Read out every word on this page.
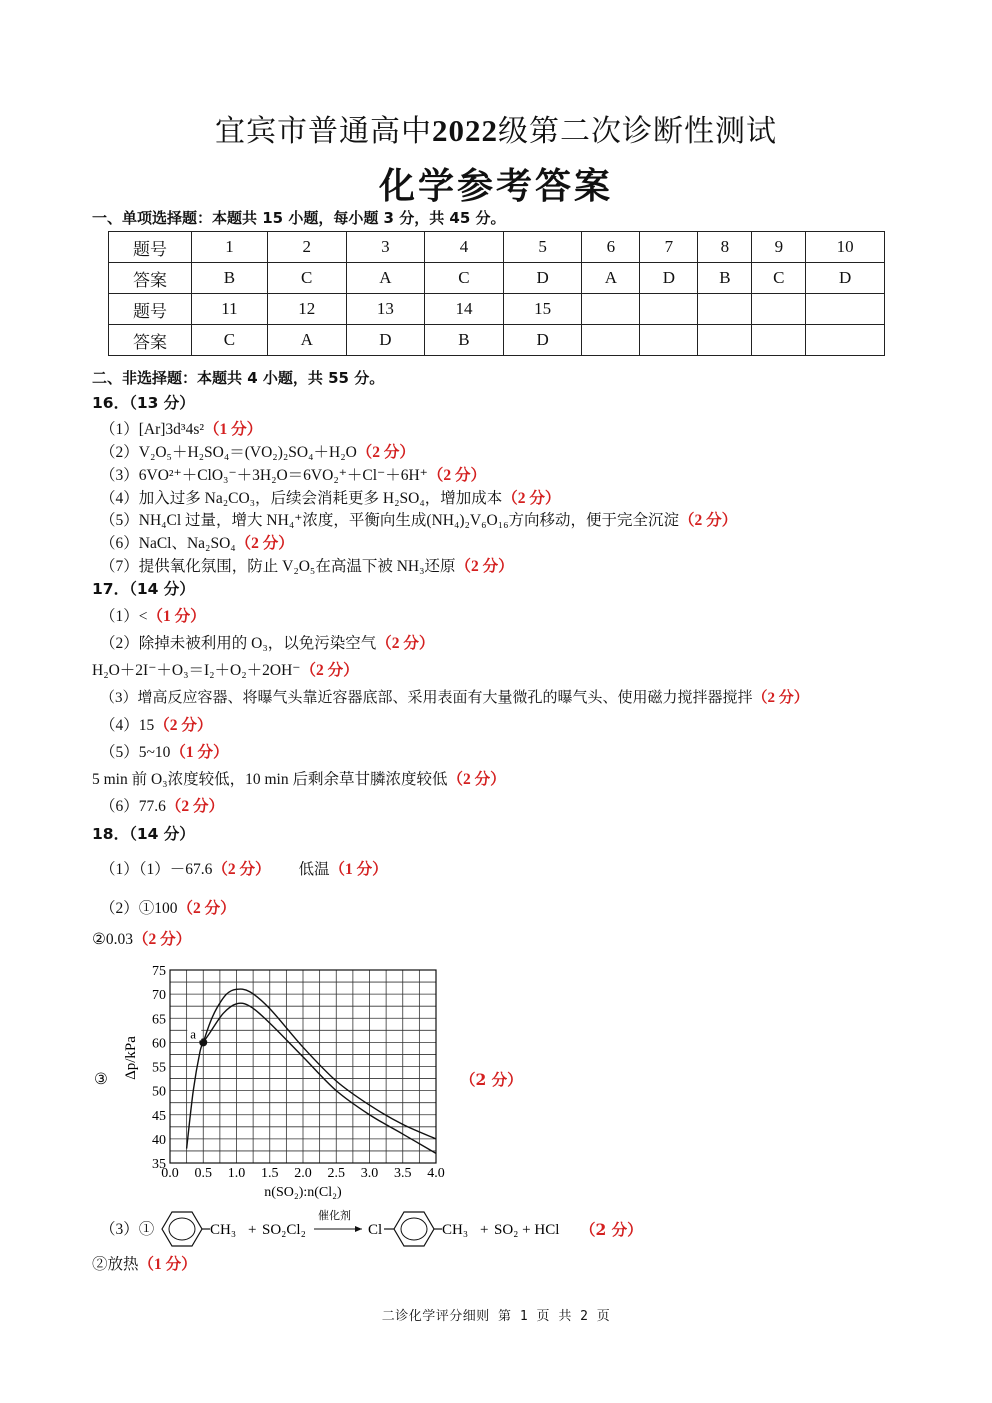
宜宾市普通高中2022级第二次诊断性测试
化学参考答案
一、单项选择题：本题共 15 小题，每小题 3 分，共 45 分。
题号	1	2	3	4	5	6	7	8	9	10
答案	B	C	A	C	D	A	D	B	C	D
题号	11	12	13	14	15					
答案	C	A	D	B	D					
二、非选择题：本题共 4 小题，共 55 分。
16．（13 分）
（1）[Ar]3d³4s²（1 分）
（2）V₂O₅＋H₂SO₄＝(VO₂)₂SO₄＋H₂O（2 分）
（3）6VO²⁺＋ClO₃⁻＋3H₂O＝6VO₂⁺＋Cl⁻＋6H⁺（2 分）
（4）加入过多 Na₂CO₃，后续会消耗更多 H₂SO₄，增加成本（2 分）
（5）NH₄Cl 过量，增大 NH₄⁺浓度，平衡向生成(NH₄)₂V₆O₁₆方向移动，便于完全沉淀（2 分）
（6）NaCl、Na₂SO₄（2 分）
（7）提供氧化氛围，防止 V₂O₅在高温下被 NH₃还原（2 分）
17．（14 分）
（1）<（1 分）
（2）除掉未被利用的 O₃，以免污染空气（2 分）
H₂O＋2I⁻＋O₃＝I₂＋O₂＋2OH⁻（2 分）
（3）增高反应容器、将曝气头靠近容器底部、采用表面有大量微孔的曝气头、使用磁力搅拌器搅拌（2 分）
（4）15（2 分）
（5）5~10（1 分）
5 min 前 O₃浓度较低，10 min 后剩余草甘膦浓度较低（2 分）
（6）77.6（2 分）
18．（14 分）
（1）（1）－67.6（2 分） 低温（1 分）
（2）①100（2 分）
②0.03（2 分）
③	（2 分）
0.0 0.5 1.0 1.5 2.0 2.5 3.0 3.5 4.0
35
40
45
50
55
60
65
70
75
Δp/kPa
n(SO₂):n(Cl₂)
a
（3）①	CH₃ + SO₂Cl₂
催化剂
Cl	CH₃ + SO₂ + HCl （2 分）
②放热（1 分）
二诊化学评分细则 第 1 页 共 2 页
